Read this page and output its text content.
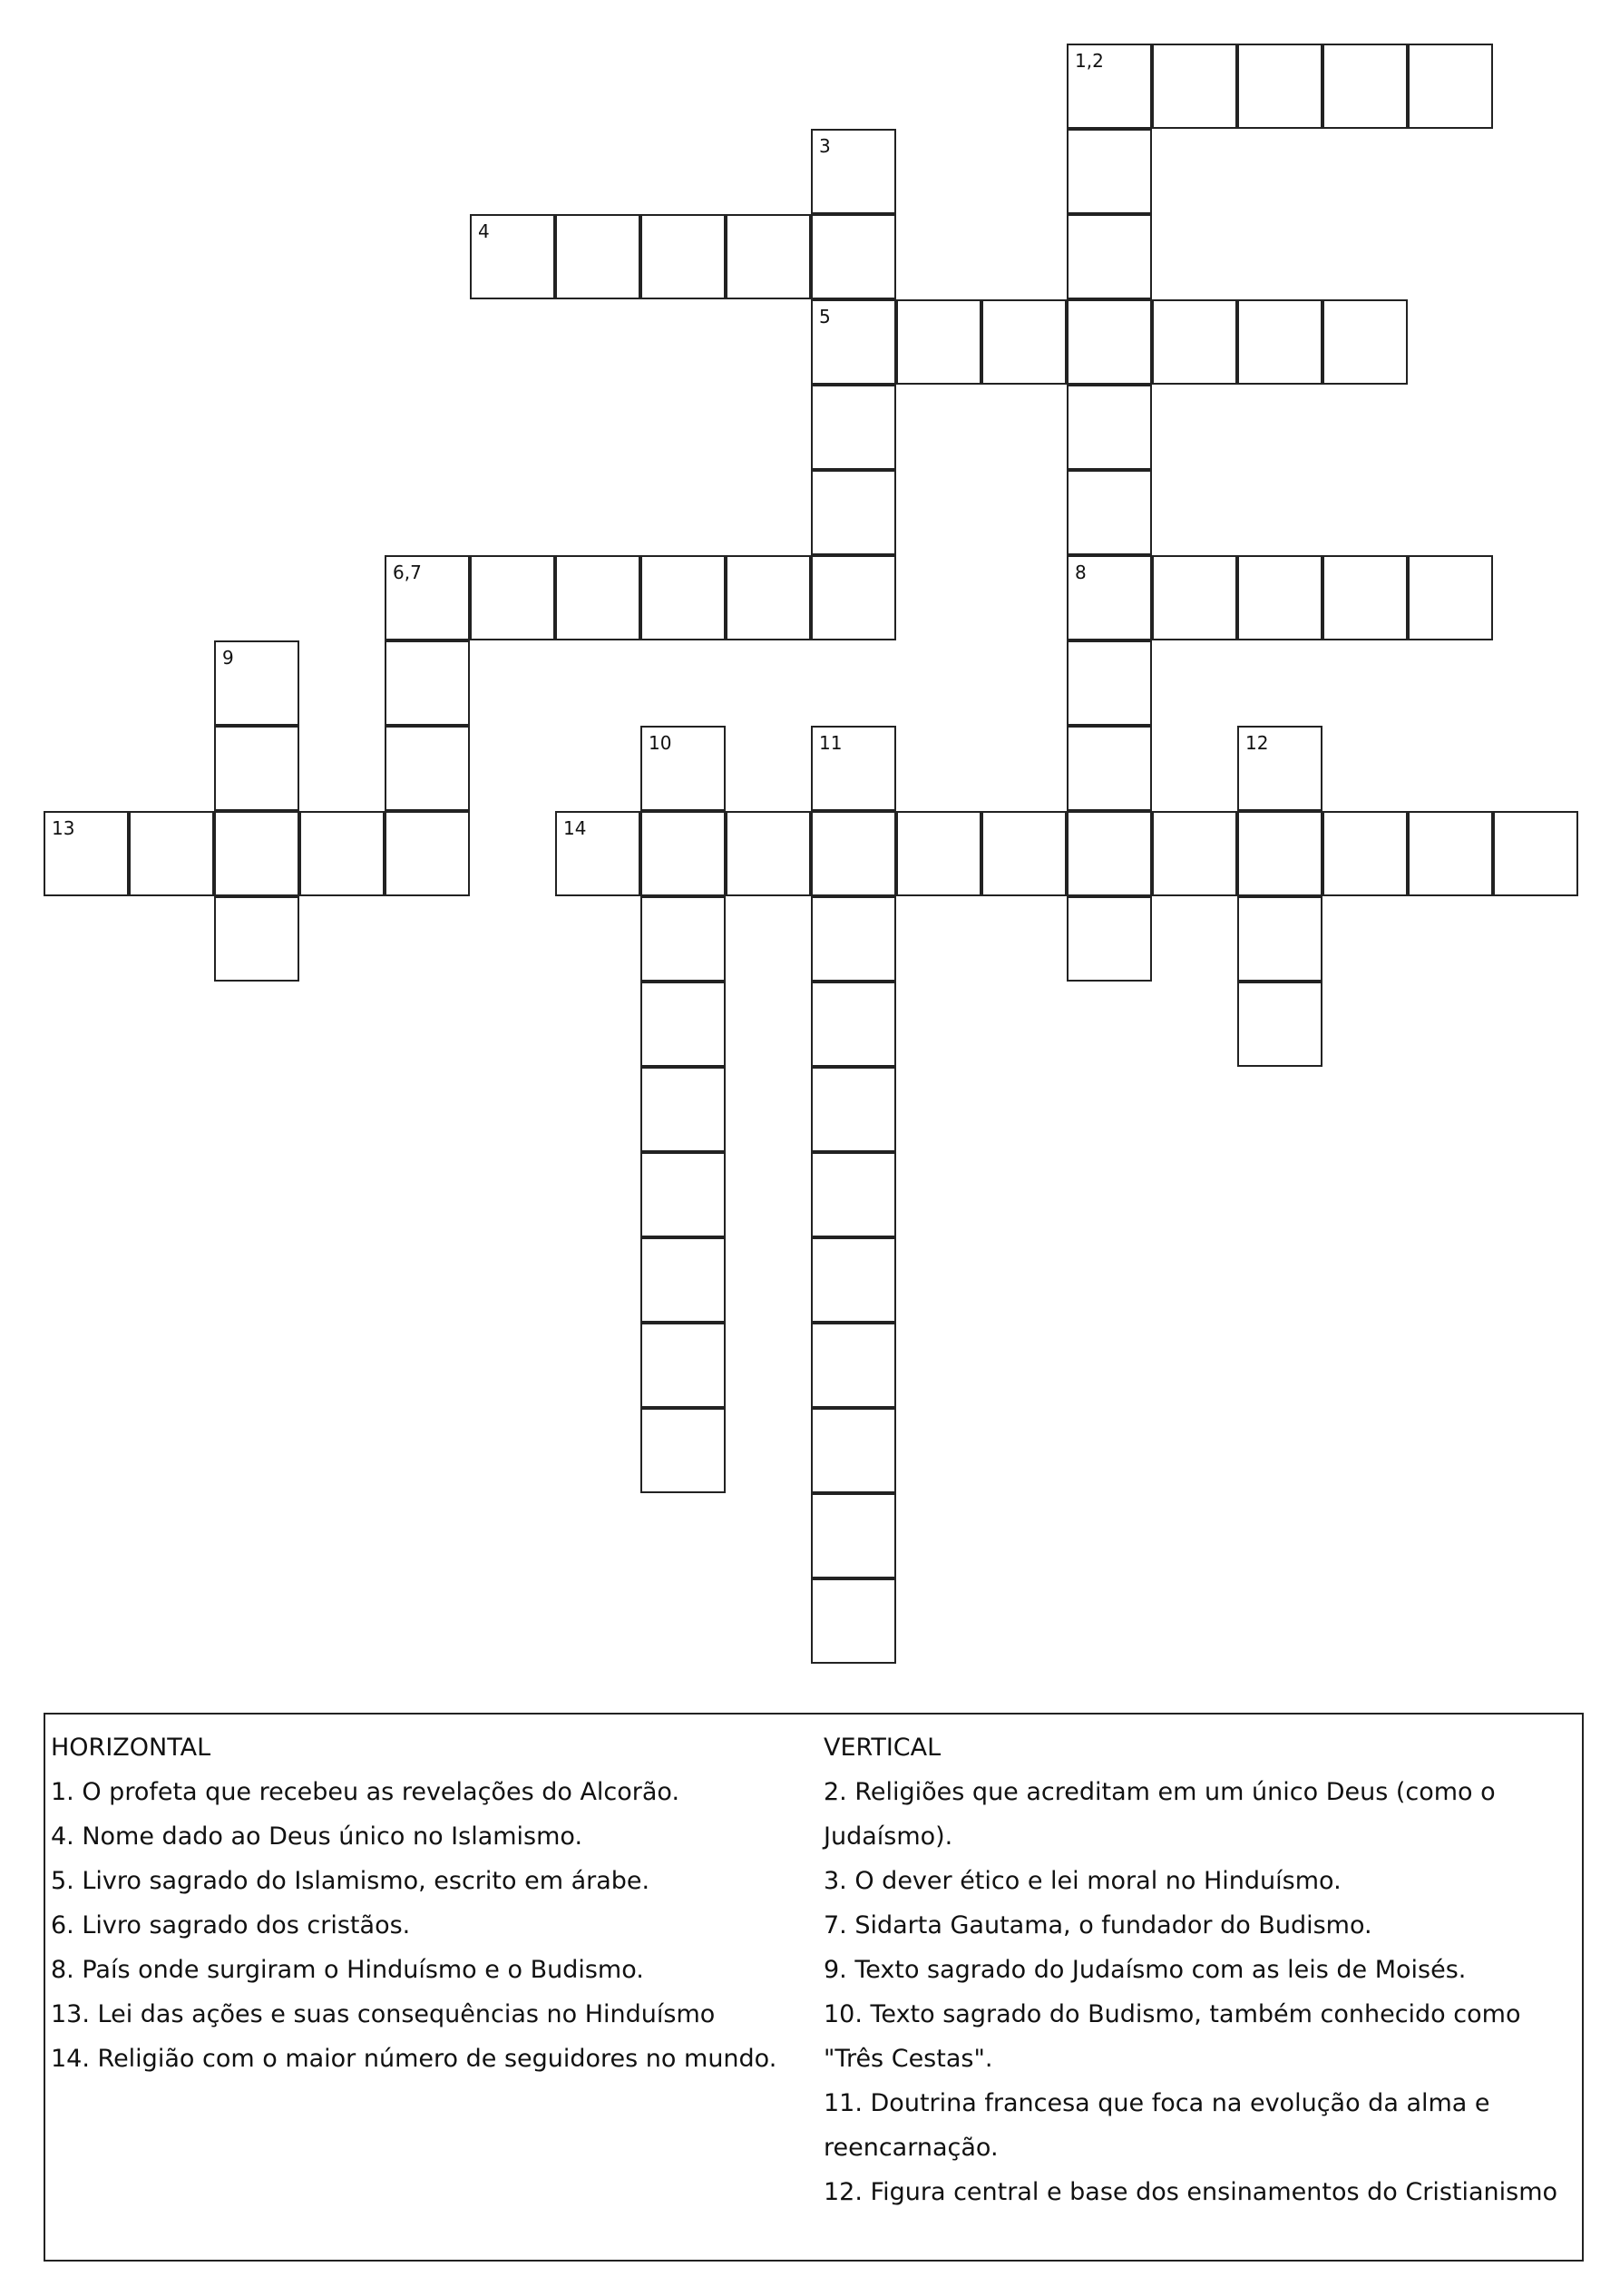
1,2
8
3
5
4
6,7
9
10	11	12
13	14
HORIZONTAL
1. O profeta que recebeu as revelações do Alcorão.
4. Nome dado ao Deus único no Islamismo.
5. Livro sagrado do Islamismo, escrito em árabe.
6. Livro sagrado dos cristãos.
8. País onde surgiram o Hinduísmo e o Budismo.
13. Lei das ações e suas consequências no Hinduísmo
14. Religião com o maior número de seguidores no mundo.
VERTICAL
2. Religiões que acreditam em um único Deus (como o Judaísmo).
3. O dever ético e lei moral no Hinduísmo.
7. Sidarta Gautama, o fundador do Budismo.
9. Texto sagrado do Judaísmo com as leis de Moisés.
10. Texto sagrado do Budismo, também conhecido como "Três Cestas".
11. Doutrina francesa que foca na evolução da alma e reencarnação.
12. Figura central e base dos ensinamentos do Cristianismo
